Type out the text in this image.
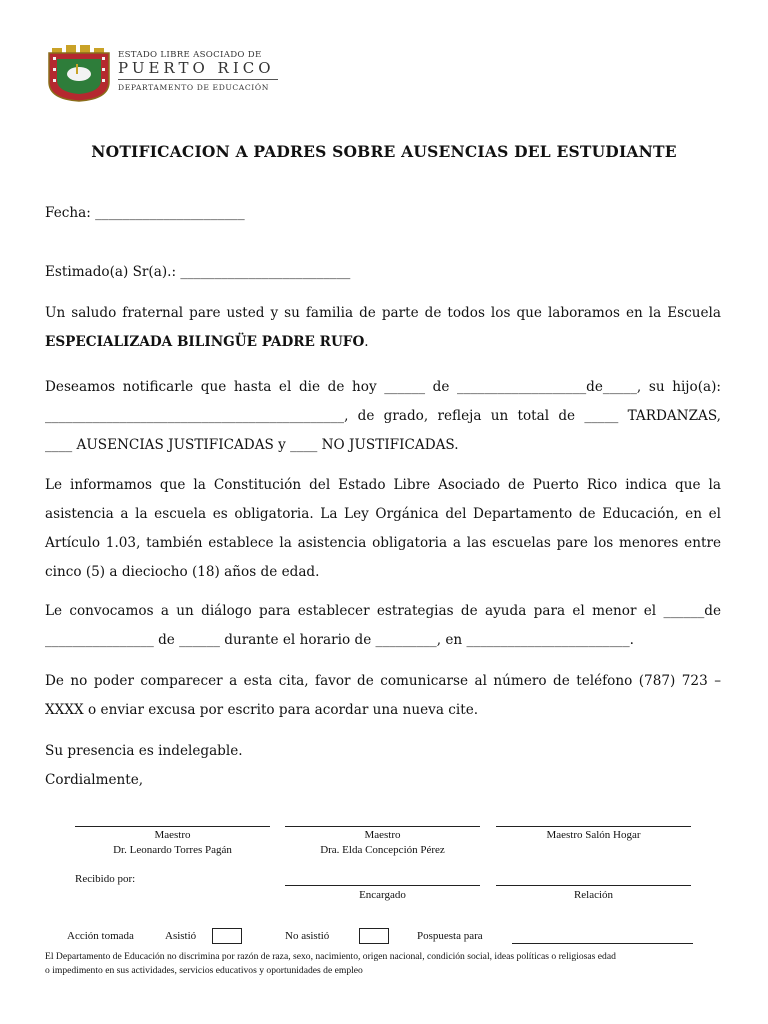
ESTADO LIBRE ASOCIADO DE
PUERTO RICO
DEPARTAMENTO DE EDUCACIÓN
NOTIFICACION A PADRES SOBRE AUSENCIAS DEL ESTUDIANTE
Fecha: ______________________
Estimado(a) Sr(a).: _________________________
Un saludo fraternal pare usted y su familia de parte de todos los que laboramos en la Escuela
ESPECIALIZADA BILINGÜE PADRE RUFO.
Deseamos notificarle que hasta el die de hoy ______ de ___________________de_____, su hijo(a):
____________________________________________, de grado, refleja un total de _____ TARDANZAS,
____ AUSENCIAS JUSTIFICADAS y ____ NO JUSTIFICADAS.
Le informamos que la Constitución del Estado Libre Asociado de Puerto Rico indica que la
asistencia a la escuela es obligatoria. La Ley Orgánica del Departamento de Educación, en el
Artículo 1.03, también establece la asistencia obligatoria a las escuelas pare los menores entre
cinco (5) a dieciocho (18) años de edad.
Le convocamos a un diálogo para establecer estrategias de ayuda para el menor el ______de
________________ de ______ durante el horario de _________, en ________________________.
De no poder comparecer a esta cita, favor de comunicarse al número de teléfono (787) 723 –
XXXX o enviar excusa por escrito para acordar una nueva cite.
Su presencia es indelegable.
Cordialmente,
Maestro
Dr. Leonardo Torres Pagán
Maestro
Dra. Elda Concepción Pérez
Maestro Salón Hogar
Recibido por:
Encargado	Relación
Acción tomada	Asistió	No asistió	Pospuesta para
El Departamento de Educación no discrimina por razón de raza, sexo, nacimiento, origen nacional, condición social, ideas políticas o religiosas edad
o impedimento en sus actividades, servicios educativos y oportunidades de empleo
